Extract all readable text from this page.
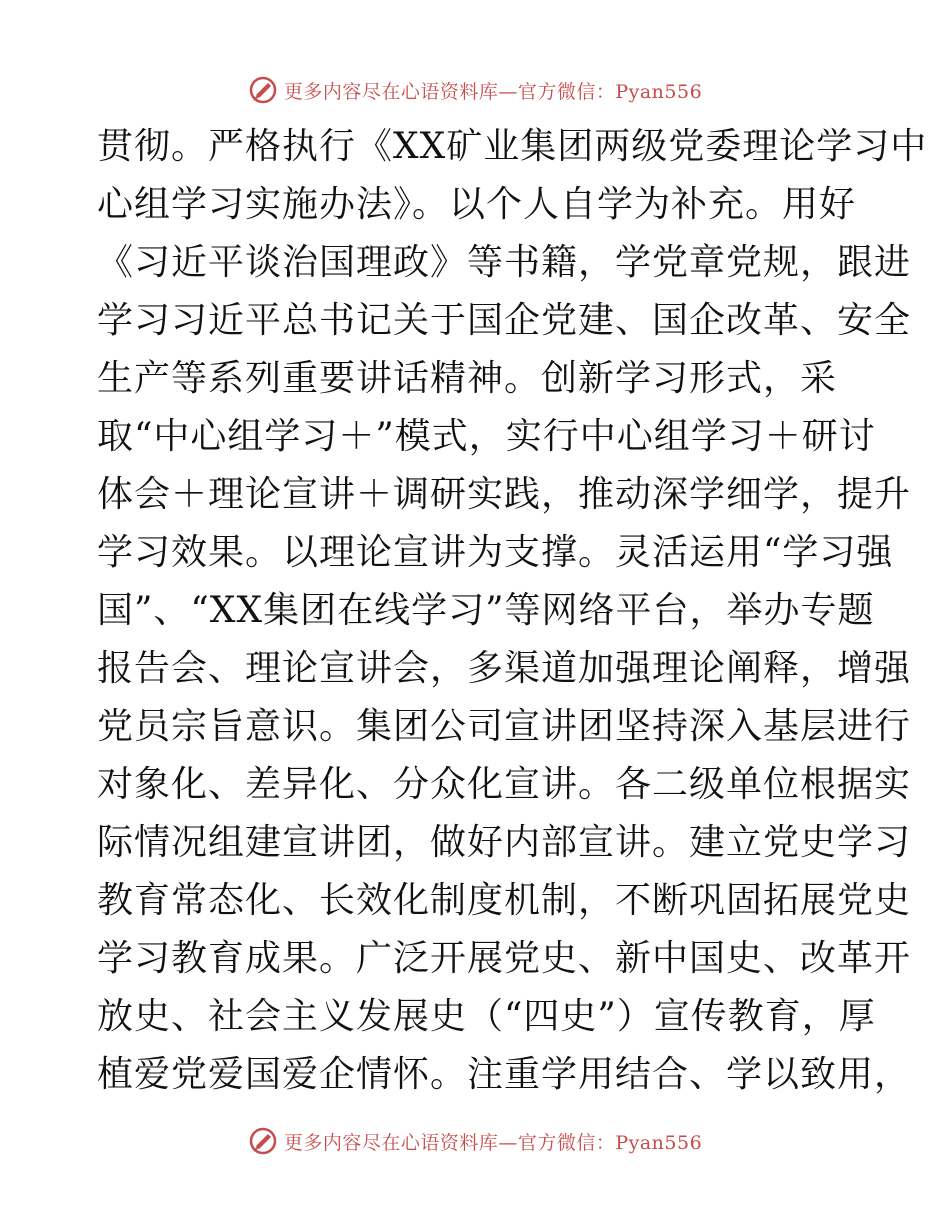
更多内容尽在心语资料库—官方微信：Pyan556
贯彻。严格执行《XX矿业集团两级党委理论学习中
心组学习实施办法》。以个人自学为补充。用好
《习近平谈治国理政》等书籍，学党章党规，跟进
学习习近平总书记关于国企党建、国企改革、安全
生产等系列重要讲话精神。创新学习形式，采
取“中心组学习＋”模式，实行中心组学习＋研讨
体会＋理论宣讲＋调研实践，推动深学细学，提升
学习效果。以理论宣讲为支撑。灵活运用“学习强
国”、“XX集团在线学习”等网络平台，举办专题
报告会、理论宣讲会，多渠道加强理论阐释，增强
党员宗旨意识。集团公司宣讲团坚持深入基层进行
对象化、差异化、分众化宣讲。各二级单位根据实
际情况组建宣讲团，做好内部宣讲。建立党史学习
教育常态化、长效化制度机制，不断巩固拓展党史
学习教育成果。广泛开展党史、新中国史、改革开
放史、社会主义发展史（“四史”）宣传教育，厚
植爱党爱国爱企情怀。注重学用结合、学以致用，
更多内容尽在心语资料库—官方微信：Pyan556
